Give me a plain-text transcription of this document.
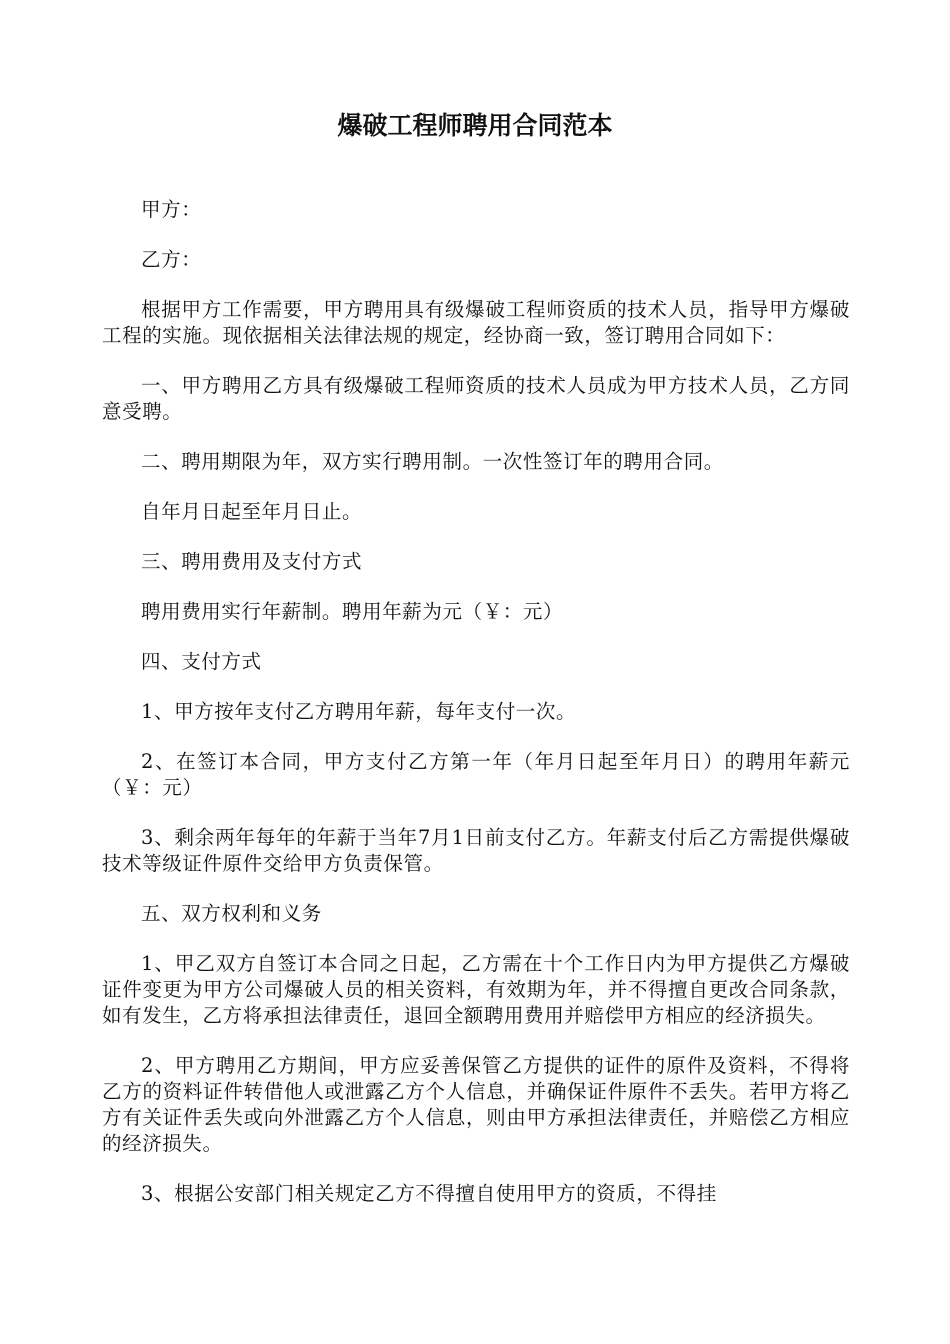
爆破工程师聘用合同范本

甲方：

乙方：

根据甲方工作需要，甲方聘用具有级爆破工程师资质的技术人员，指导甲方爆破工程的实施。现依据相关法律法规的规定，经协商一致，签订聘用合同如下：

一、甲方聘用乙方具有级爆破工程师资质的技术人员成为甲方技术人员，乙方同意受聘。

二、聘用期限为年，双方实行聘用制。一次性签订年的聘用合同。

自年月日起至年月日止。

三、聘用费用及支付方式

聘用费用实行年薪制。聘用年薪为元（￥：元）

四、支付方式

1、甲方按年支付乙方聘用年薪，每年支付一次。

2、在签订本合同，甲方支付乙方第一年（年月日起至年月日）的聘用年薪元（￥：元）

3、剩余两年每年的年薪于当年7月1日前支付乙方。年薪支付后乙方需提供爆破技术等级证件原件交给甲方负责保管。

五、双方权利和义务

1、甲乙双方自签订本合同之日起，乙方需在十个工作日内为甲方提供乙方爆破证件变更为甲方公司爆破人员的相关资料，有效期为年，并不得擅自更改合同条款，如有发生，乙方将承担法律责任，退回全额聘用费用并赔偿甲方相应的经济损失。

2、甲方聘用乙方期间，甲方应妥善保管乙方提供的证件的原件及资料，不得将乙方的资料证件转借他人或泄露乙方个人信息，并确保证件原件不丢失。若甲方将乙方有关证件丢失或向外泄露乙方个人信息，则由甲方承担法律责任，并赔偿乙方相应的经济损失。

3、根据公安部门相关规定乙方不得擅自使用甲方的资质，不得挂
